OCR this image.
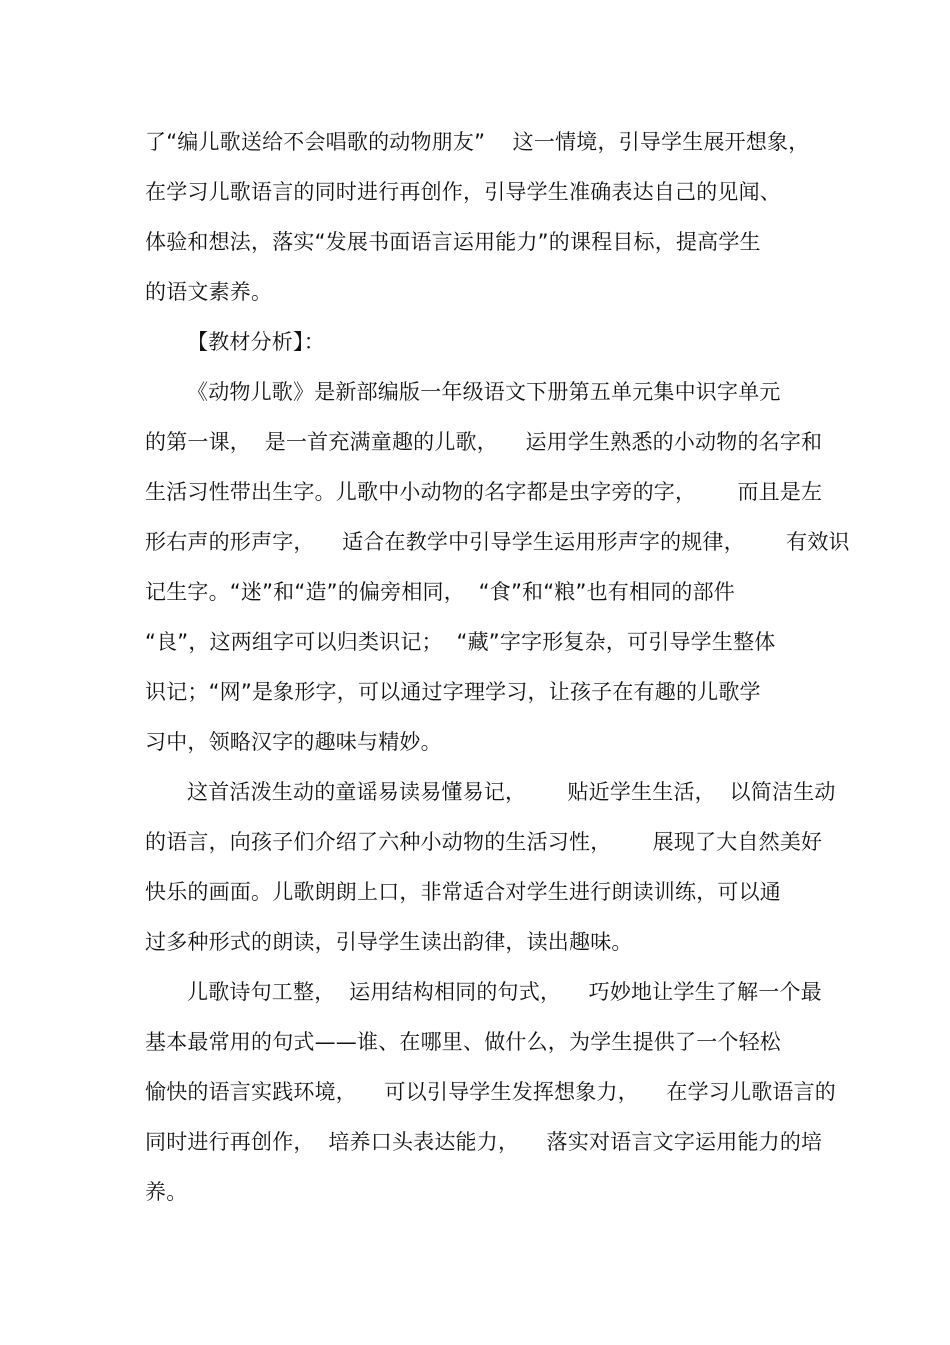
了“编儿歌送给不会唱歌的动物朋友”    这一情境，引导学生展开想象，
在学习儿歌语言的同时进行再创作，引导学生准确表达自己的见闻、
体验和想法，落实“发展书面语言运用能力”的课程目标，提高学生
的语文素养。
【教材分析】：
《动物儿歌》是新部编版一年级语文下册第五单元集中识字单元
的第一课，  是一首充满童趣的儿歌，    运用学生熟悉的小动物的名字和
生活习性带出生字。儿歌中小动物的名字都是虫字旁的字，      而且是左
形右声的形声字，    适合在教学中引导学生运用形声字的规律，      有效识
记生字。“迷”和“造”的偏旁相同，  “食”和“粮”也有相同的部件
“良”，这两组字可以归类识记；  “藏”字字形复杂，可引导学生整体
识记；“网”是象形字，可以通过字理学习，让孩子在有趣的儿歌学
习中，领略汉字的趣味与精妙。
这首活泼生动的童谣易读易懂易记，      贴近学生生活，  以简洁生动
的语言，向孩子们介绍了六种小动物的生活习性，      展现了大自然美好
快乐的画面。儿歌朗朗上口，非常适合对学生进行朗读训练，可以通
过多种形式的朗读，引导学生读出韵律，读出趣味。
儿歌诗句工整，  运用结构相同的句式，    巧妙地让学生了解一个最
基本最常用的句式——谁、在哪里、做什么，为学生提供了一个轻松
愉快的语言实践环境，    可以引导学生发挥想象力，    在学习儿歌语言的
同时进行再创作，  培养口头表达能力，    落实对语言文字运用能力的培
养。
